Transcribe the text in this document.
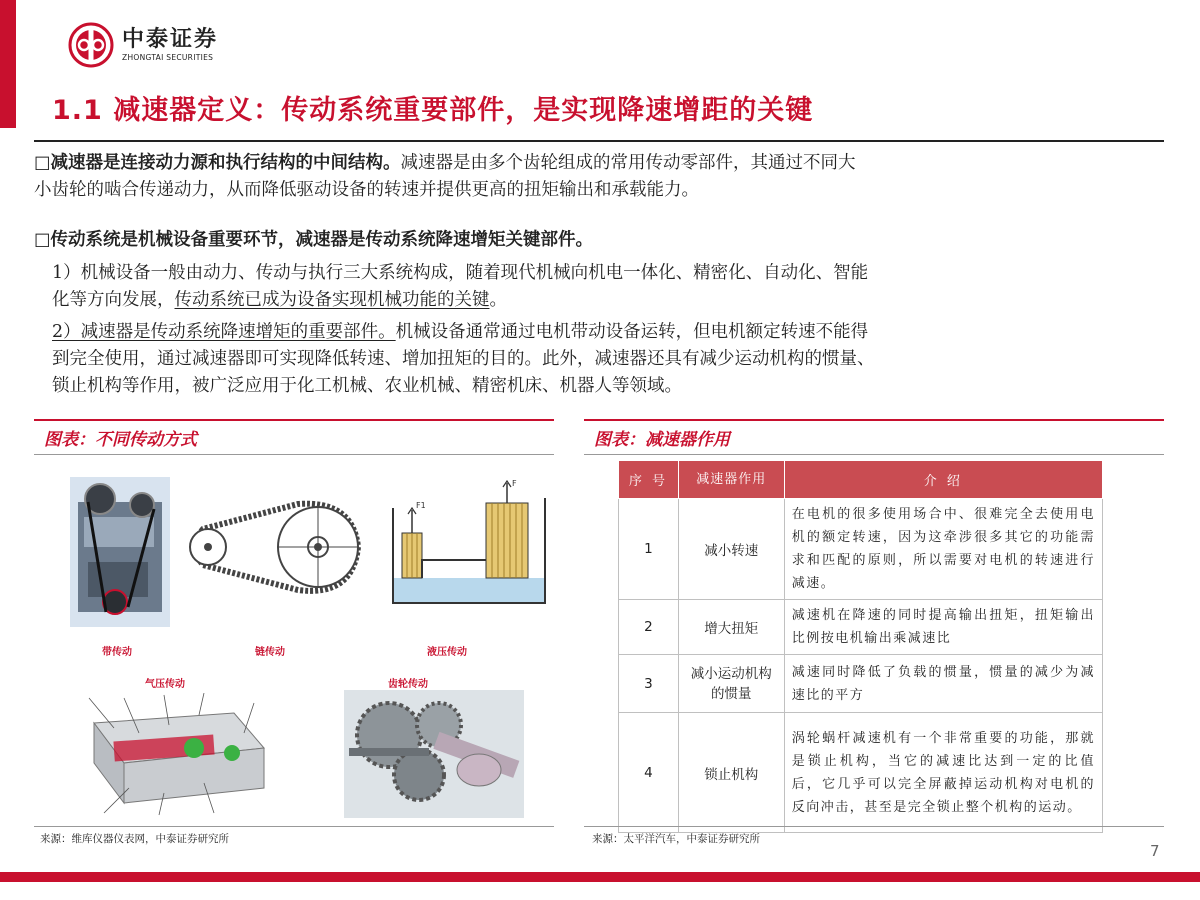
中泰证券
ZHONGTAI SECURITIES
1.1 减速器定义：传动系统重要部件，是实现降速增距的关键
□减速器是连接动力源和执行结构的中间结构。减速器是由多个齿轮组成的常用传动零部件，其通过不同大
小齿轮的啮合传递动力，从而降低驱动设备的转速并提供更高的扭矩输出和承载能力。
□传动系统是机械设备重要环节，减速器是传动系统降速增矩关键部件。
1）机械设备一般由动力、传动与执行三大系统构成，随着现代机械向机电一体化、精密化、自动化、智能
化等方向发展，传动系统已成为设备实现机械功能的关键。
2）减速器是传动系统降速增矩的重要部件。机械设备通常通过电机带动设备运转，但电机额定转速不能得
到完全使用，通过减速器即可实现降低转速、增加扭矩的目的。此外，减速器还具有减少运动机构的惯量、
锁止机构等作用，被广泛应用于化工机械、农业机械、精密机床、机器人等领域。
图表：不同传动方式
F1
F
带传动	链传动	液压传动
气压传动	齿轮传动
来源：维库仪器仪表网，中泰证券研究所
图表：减速器作用
序 号	减速器作用	介 绍
1	减小转速	在电机的很多使用场合中、很难完全去使用电机的额定转速，因为这牵涉很多其它的功能需求和匹配的原则，所以需要对电机的转速进行减速。
2	增大扭矩	减速机在降速的同时提高输出扭矩，扭矩输出比例按电机输出乘减速比
3	减小运动机构的惯量	减速同时降低了负载的惯量，惯量的减少为减速比的平方
4	锁止机构	涡轮蜗杆减速机有一个非常重要的功能，那就是锁止机构，当它的减速比达到一定的比值后，它几乎可以完全屏蔽掉运动机构对电机的反向冲击，甚至是完全锁止整个机构的运动。
来源：太平洋汽车，中泰证券研究所
7
